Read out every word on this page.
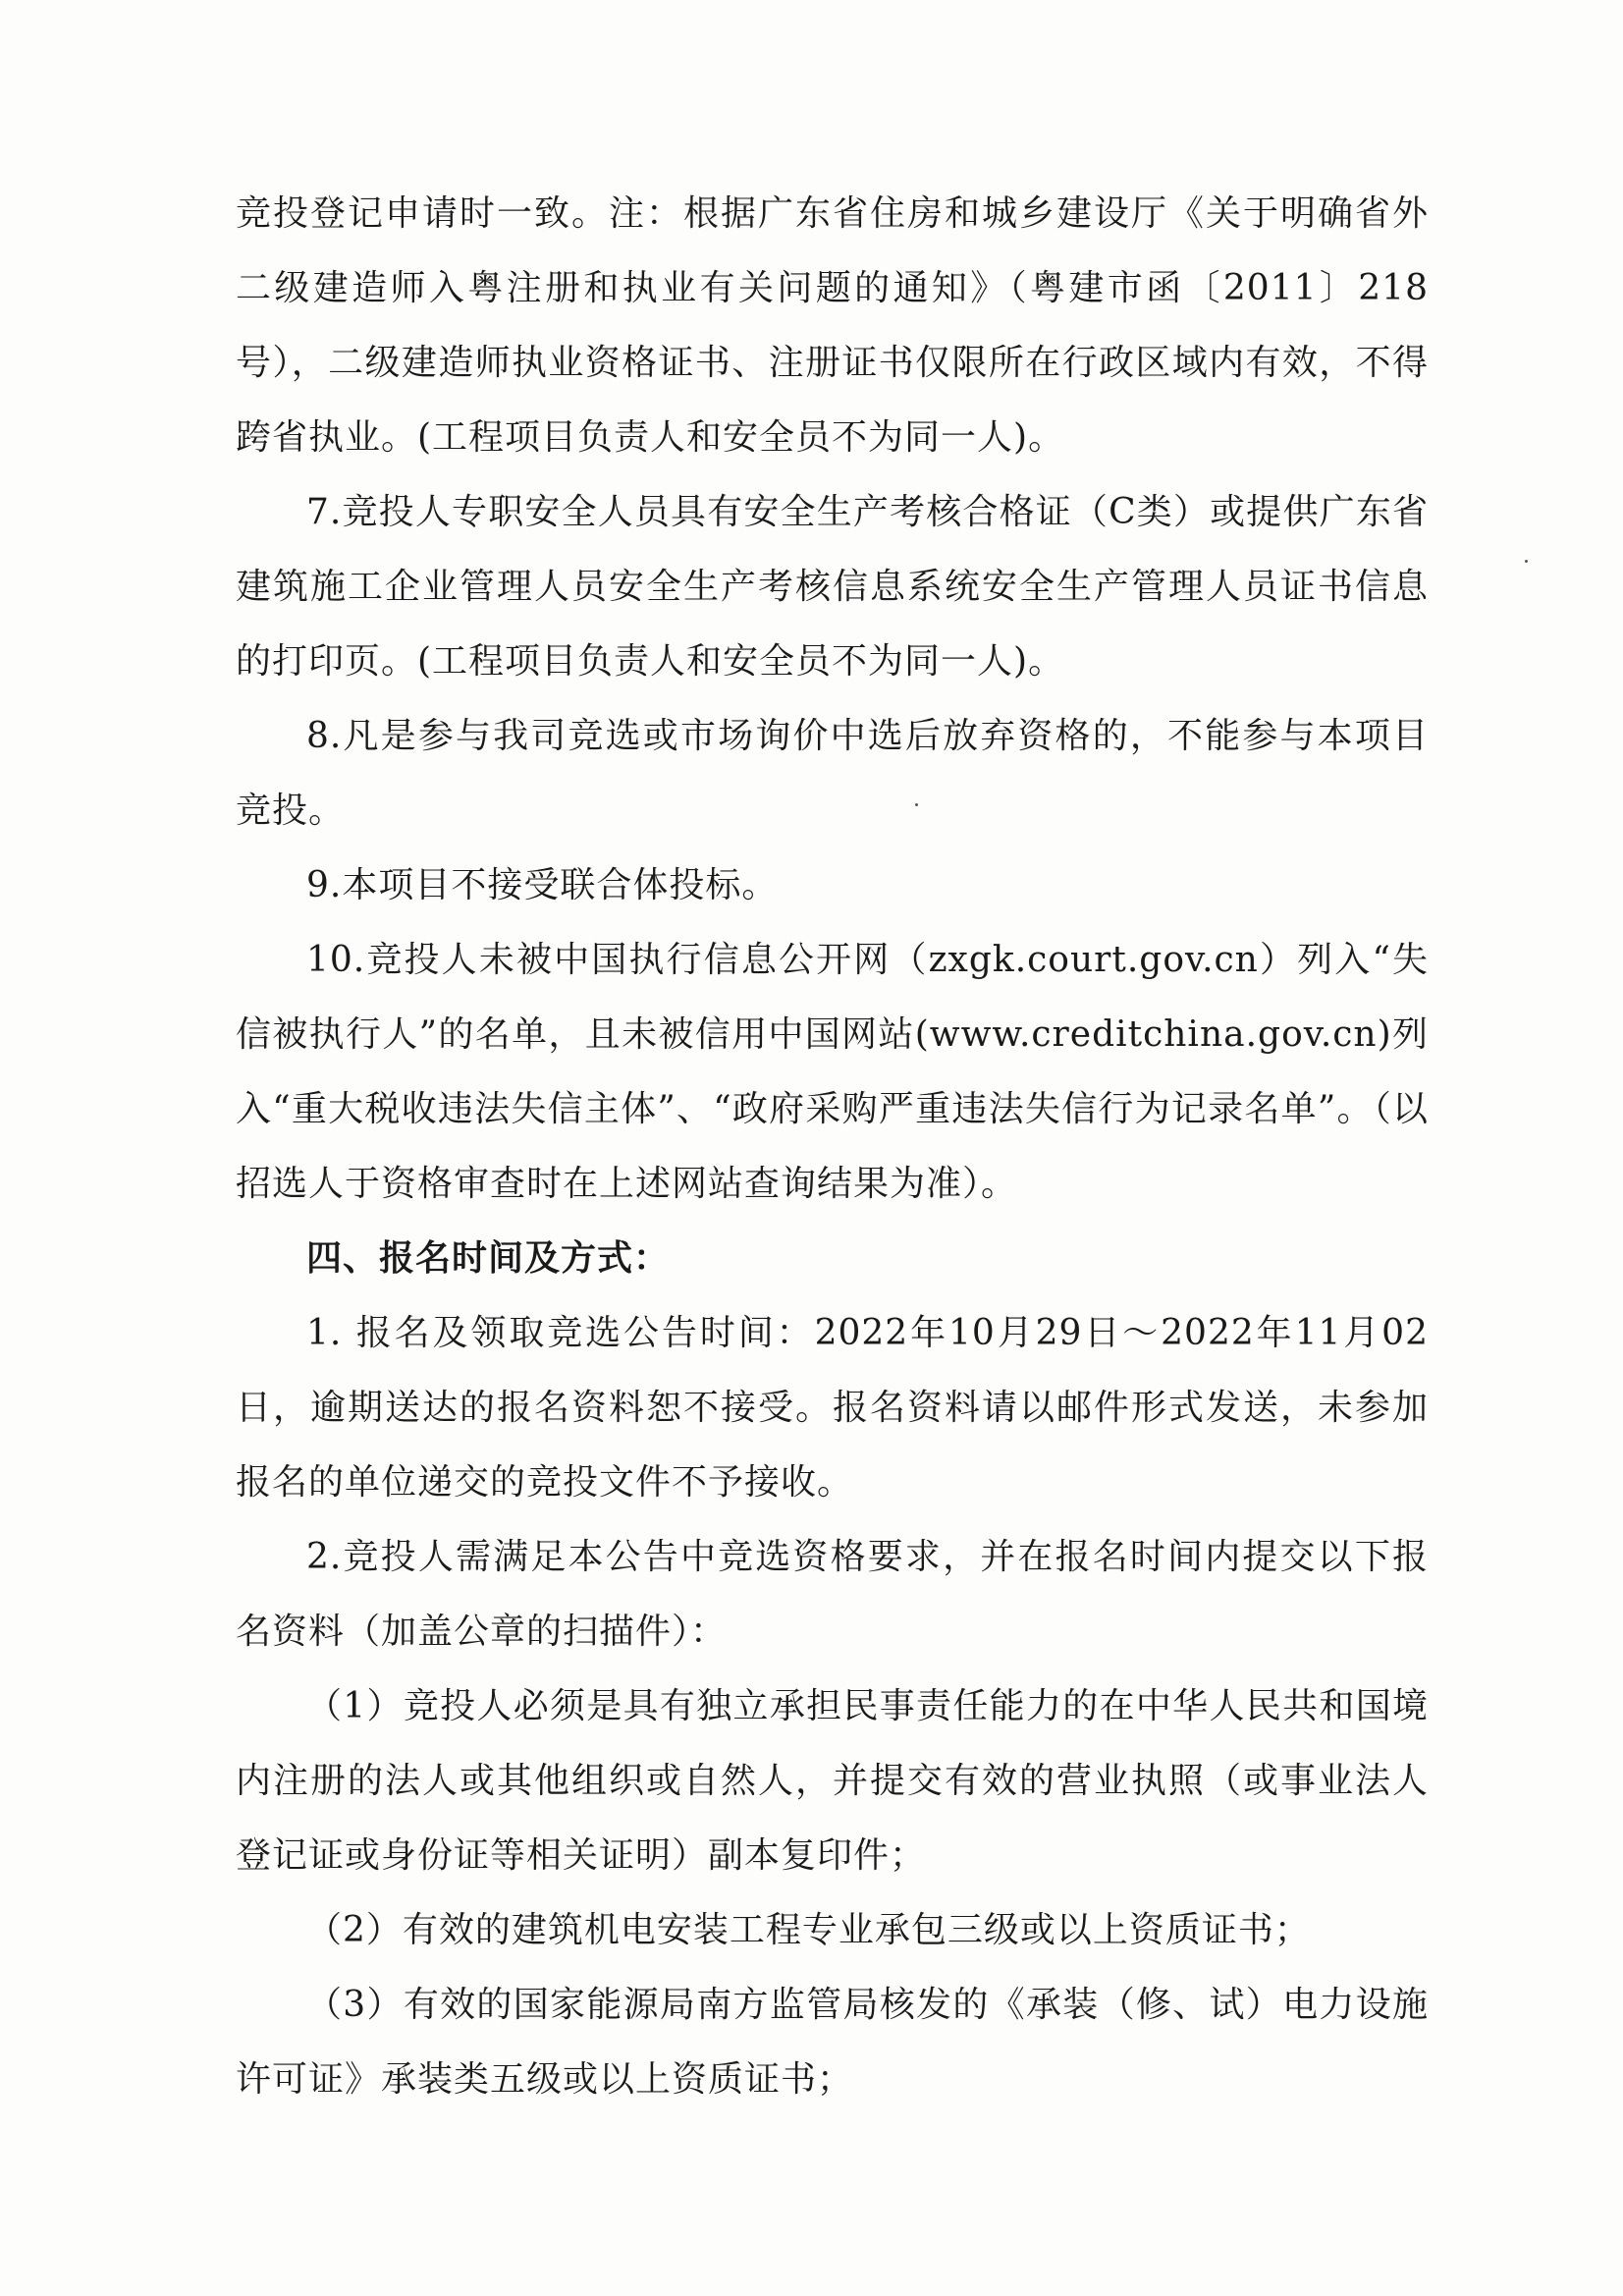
竞投登记申请时一致。注：根据广东省住房和城乡建设厅《关于明确省外二级建造师入粤注册和执业有关问题的通知》（粤建市函〔2011〕218号），二级建造师执业资格证书、注册证书仅限所在行政区域内有效，不得跨省执业。(工程项目负责人和安全员不为同一人)。

7.竞投人专职安全人员具有安全生产考核合格证（C类）或提供广东省建筑施工企业管理人员安全生产考核信息系统安全生产管理人员证书信息的打印页。(工程项目负责人和安全员不为同一人)。

8.凡是参与我司竞选或市场询价中选后放弃资格的，不能参与本项目竞投。

9.本项目不接受联合体投标。

10.竞投人未被中国执行信息公开网（zxgk.court.gov.cn）列入“失信被执行人”的名单，且未被信用中国网站(www.creditchina.gov.cn)列入“重大税收违法失信主体”、“政府采购严重违法失信行为记录名单”。（以招选人于资格审查时在上述网站查询结果为准）。

四、报名时间及方式：

1. 报名及领取竞选公告时间：2022年10月29日～2022年11月02日，逾期送达的报名资料恕不接受。报名资料请以邮件形式发送，未参加报名的单位递交的竞投文件不予接收。

2.竞投人需满足本公告中竞选资格要求，并在报名时间内提交以下报名资料（加盖公章的扫描件）：

（1）竞投人必须是具有独立承担民事责任能力的在中华人民共和国境内注册的法人或其他组织或自然人，并提交有效的营业执照（或事业法人登记证或身份证等相关证明）副本复印件；

（2）有效的建筑机电安装工程专业承包三级或以上资质证书；

（3）有效的国家能源局南方监管局核发的《承装（修、试）电力设施许可证》承装类五级或以上资质证书；
